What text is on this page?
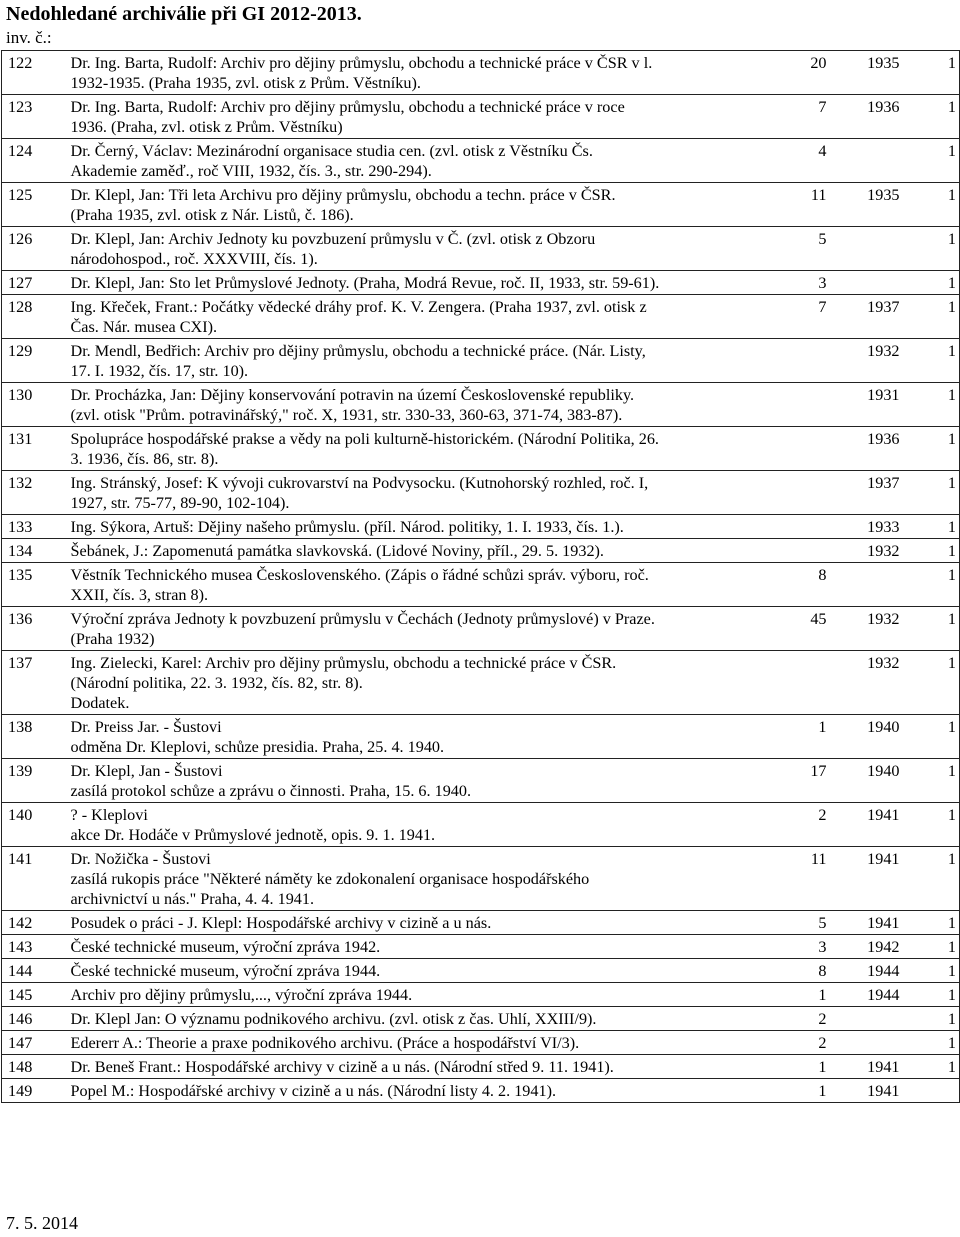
Nedohledané archiválie při GI 2012-2013.
inv. č.:
122	Dr. Ing. Barta, Rudolf: Archiv pro dějiny průmyslu, obchodu a technické práce v ČSR v l.
1932-1935. (Praha 1935, zvl. otisk z Prům. Věstníku).	20	1935	1
123	Dr. Ing. Barta, Rudolf: Archiv pro dějiny průmyslu, obchodu a technické práce v roce
1936. (Praha, zvl. otisk z Prům. Věstníku)	7	1936	1
124	Dr. Černý, Václav: Mezinárodní organisace studia cen. (zvl. otisk z Věstníku Čs.
Akademie zaměď., roč VIII, 1932, čís. 3., str. 290-294).	4		1
125	Dr. Klepl, Jan: Tři leta Archivu pro dějiny průmyslu, obchodu a techn. práce v ČSR.
(Praha 1935, zvl. otisk z Nár. Listů, č. 186).	11	1935	1
126	Dr. Klepl, Jan: Archiv Jednoty ku povzbuzení průmyslu v Č. (zvl. otisk z Obzoru
národohospod., roč. XXXVIII, čís. 1).	5		1
127	Dr. Klepl, Jan: Sto let Průmyslové Jednoty. (Praha, Modrá Revue, roč. II, 1933, str. 59-61).	3		1
128	Ing. Křeček, Frant.: Počátky vědecké dráhy prof. K. V. Zengera. (Praha 1937, zvl. otisk z
Čas. Nár. musea CXI).	7	1937	1
129	Dr. Mendl, Bedřich: Archiv pro dějiny průmyslu, obchodu a technické práce. (Nár. Listy,
17. I. 1932, čís. 17, str. 10).		1932	1
130	Dr. Procházka, Jan: Dějiny konservování potravin na území Československé republiky.
(zvl. otisk "Prům. potravinářský," roč. X, 1931, str. 330-33, 360-63, 371-74, 383-87).		1931	1
131	Spolupráce hospodářské prakse a vědy na poli kulturně-historickém. (Národní Politika, 26.
3. 1936, čís. 86, str. 8).		1936	1
132	Ing. Stránský, Josef: K vývoji cukrovarství na Podvysocku. (Kutnohorský rozhled, roč. I,
1927, str. 75-77, 89-90, 102-104).		1937	1
133	Ing. Sýkora, Artuš: Dějiny našeho průmyslu. (příl. Národ. politiky, 1. I. 1933, čís. 1.).		1933	1
134	Šebánek, J.: Zapomenutá památka slavkovská. (Lidové Noviny, příl., 29. 5. 1932).		1932	1
135	Věstník Technického musea Československého. (Zápis o řádné schůzi správ. výboru, roč.
XXII, čís. 3, stran 8).	8		1
136	Výroční zpráva Jednoty k povzbuzení průmyslu v Čechách (Jednoty průmyslové) v Praze.
(Praha 1932)	45	1932	1
137	Ing. Zielecki, Karel: Archiv pro dějiny průmyslu, obchodu a technické práce v ČSR.
(Národní politika, 22. 3. 1932, čís. 82, str. 8).
Dodatek.		1932	1
138	Dr. Preiss Jar. - Šustovi
odměna Dr. Kleplovi, schůze presidia. Praha, 25. 4. 1940.	1	1940	1
139	Dr. Klepl, Jan - Šustovi
zasílá protokol schůze a zprávu o činnosti. Praha, 15. 6. 1940.	17	1940	1
140	? - Kleplovi
akce Dr. Hodáče v Průmyslové jednotě, opis. 9. 1. 1941.	2	1941	1
141	Dr. Nožička - Šustovi
zasílá rukopis práce "Některé náměty ke zdokonalení organisace hospodářského
archivnictví u nás." Praha, 4. 4. 1941.	11	1941	1
142	Posudek o práci - J. Klepl: Hospodářské archivy v cizině a u nás.	5	1941	1
143	České technické museum, výroční zpráva 1942.	3	1942	1
144	České technické museum, výroční zpráva 1944.	8	1944	1
145	Archiv pro dějiny průmyslu,..., výroční zpráva 1944.	1	1944	1
146	Dr. Klepl Jan: O významu podnikového archivu. (zvl. otisk z čas. Uhlí, XXIII/9).	2		1
147	Edererr A.: Theorie a praxe podnikového archivu. (Práce a hospodářství VI/3).	2		1
148	Dr. Beneš Frant.: Hospodářské archivy v cizině a u nás. (Národní střed 9. 11. 1941).	1	1941	1
149	Popel M.: Hospodářské archivy v cizině a u nás. (Národní listy 4. 2. 1941).	1	1941	
7. 5. 2014
